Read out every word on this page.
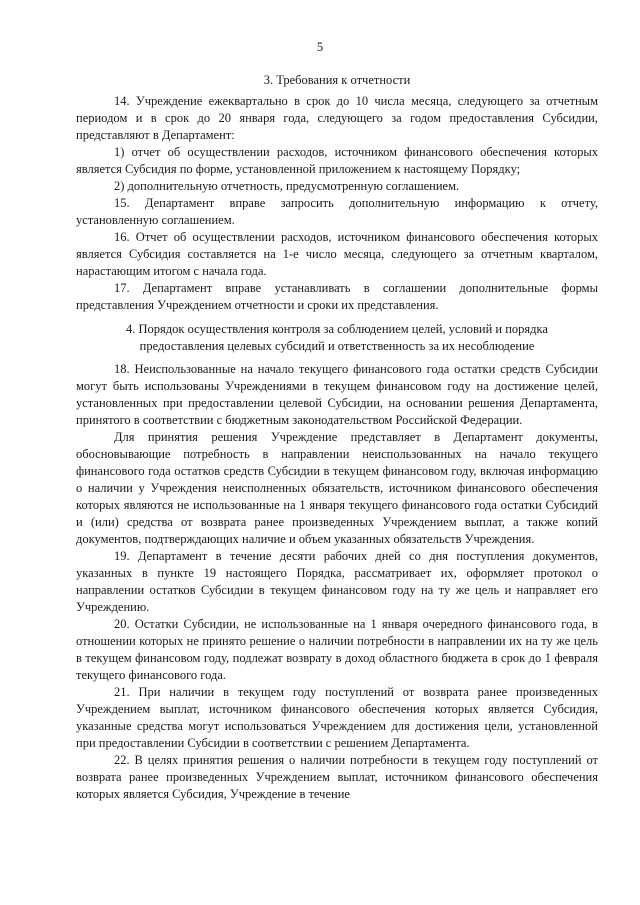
5
3. Требования к отчетности

14. Учреждение ежеквартально в срок до 10 числа месяца, следующего за отчетным периодом и в срок до 20 января года, следующего за годом предоставления Субсидии, представляют в Департамент:

1) отчет об осуществлении расходов, источником финансового обеспечения которых является Субсидия по форме, установленной приложением к настоящему Порядку;

2) дополнительную отчетность, предусмотренную соглашением.

15. Департамент вправе запросить дополнительную информацию к отчету, установленную соглашением.

16. Отчет об осуществлении расходов, источником финансового обеспечения которых является Субсидия составляется на 1-е число месяца, следующего за отчетным кварталом, нарастающим итогом с начала года.

17. Департамент вправе устанавливать в соглашении дополнительные формы представления Учреждением отчетности и сроки их представления.

4. Порядок осуществления контроля за соблюдением целей, условий и порядка предоставления целевых субсидий и ответственность за их несоблюдение

18. Неиспользованные на начало текущего финансового года остатки средств Субсидии могут быть использованы Учреждениями в текущем финансовом году на достижение целей, установленных при предоставлении целевой Субсидии, на основании решения Департамента, принятого в соответствии с бюджетным законодательством Российской Федерации.

Для принятия решения Учреждение представляет в Департамент документы, обосновывающие потребность в направлении неиспользованных на начало текущего финансового года остатков средств Субсидии в текущем финансовом году, включая информацию о наличии у Учреждения неисполненных обязательств, источником финансового обеспечения которых являются не использованные на 1 января текущего финансового года остатки Субсидий и (или) средства от возврата ранее произведенных Учреждением выплат, а также копий документов, подтверждающих наличие и объем указанных обязательств Учреждения.

19. Департамент в течение десяти рабочих дней со дня поступления документов, указанных в пункте 19 настоящего Порядка, рассматривает их, оформляет протокол о направлении остатков Субсидии в текущем финансовом году на ту же цель и направляет его Учреждению.

20. Остатки Субсидии, не использованные на 1 января очередного финансового года, в отношении которых не принято решение о наличии потребности в направлении их на ту же цель в текущем финансовом году, подлежат возврату в доход областного бюджета в срок до 1 февраля текущего финансового года.

21. При наличии в текущем году поступлений от возврата ранее произведенных Учреждением выплат, источником финансового обеспечения которых является Субсидия, указанные средства могут использоваться Учреждением для достижения цели, установленной при предоставлении Субсидии в соответствии с решением Департамента.

22. В целях принятия решения о наличии потребности в текущем году поступлений от возврата ранее произведенных Учреждением выплат, источником финансового обеспечения которых является Субсидия, Учреждение в течение
